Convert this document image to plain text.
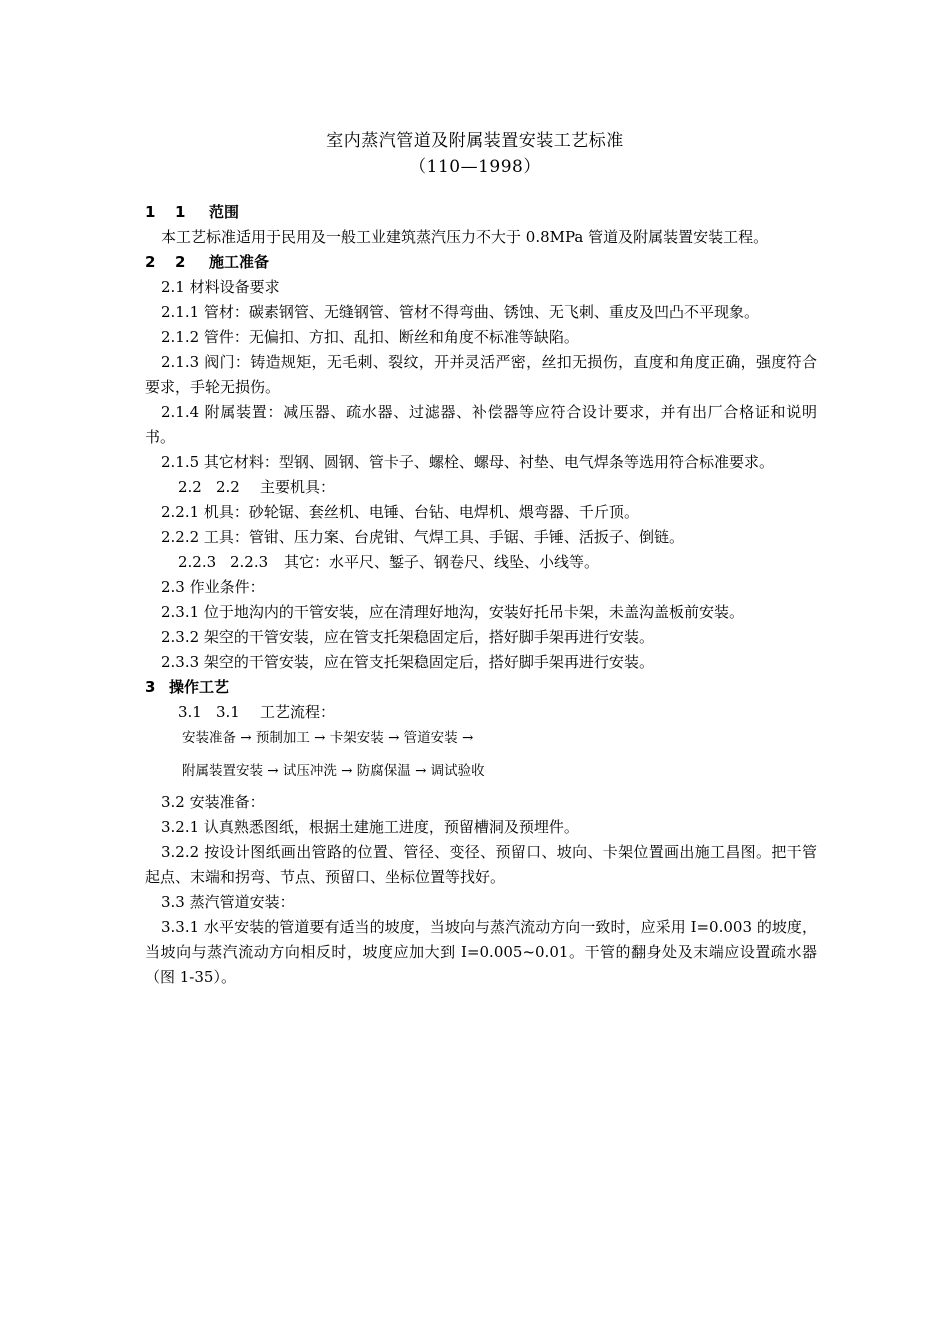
室内蒸汽管道及附属装置安装工艺标准
（110—1998）
1 1 范围
本工艺标准适用于民用及一般工业建筑蒸汽压力不大于 0.8MPa 管道及附属装置安装工程。
2 2 施工准备
2.1 材料设备要求
2.1.1 管材：碳素钢管、无缝钢管、管材不得弯曲、锈蚀、无飞刺、重皮及凹凸不平现象。
2.1.2 管件：无偏扣、方扣、乱扣、断丝和角度不标准等缺陷。
2.1.3 阀门：铸造规矩，无毛刺、裂纹，开并灵活严密，丝扣无损伤，直度和角度正确，强度符合要求，手轮无损伤。
2.1.4 附属装置：减压器、疏水器、过滤器、补偿器等应符合设计要求，并有出厂合格证和说明书。
2.1.5 其它材料：型钢、圆钢、管卡子、螺栓、螺母、衬垫、电气焊条等选用符合标准要求。
2.2 2.2 主要机具：
2.2.1 机具：砂轮锯、套丝机、电锤、台钻、电焊机、煨弯器、千斤顶。
2.2.2 工具：管钳、压力案、台虎钳、气焊工具、手锯、手锤、活扳子、倒链。
2.2.3 2.2.3 其它：水平尺、錾子、钢卷尺、线坠、小线等。
2.3 作业条件：
2.3.1 位于地沟内的干管安装，应在清理好地沟，安装好托吊卡架，未盖沟盖板前安装。
2.3.2 架空的干管安装，应在管支托架稳固定后，搭好脚手架再进行安装。
2.3.3 架空的干管安装，应在管支托架稳固定后，搭好脚手架再进行安装。
3 操作工艺
3.1 3.1 工艺流程：
安装准备 → 预制加工 → 卡架安装 → 管道安装 →
附属装置安装 → 试压冲洗 → 防腐保温 → 调试验收
3.2 安装准备：
3.2.1 认真熟悉图纸，根据土建施工进度，预留槽洞及预埋件。
3.2.2 按设计图纸画出管路的位置、管径、变径、预留口、坡向、卡架位置画出施工昌图。把干管起点、末端和拐弯、节点、预留口、坐标位置等找好。
3.3 蒸汽管道安装：
3.3.1 水平安装的管道要有适当的坡度，当坡向与蒸汽流动方向一致时，应采用 I=0.003 的坡度，当坡向与蒸汽流动方向相反时，坡度应加大到 I=0.005~0.01。干管的翻身处及末端应设置疏水器（图 1-35）。
